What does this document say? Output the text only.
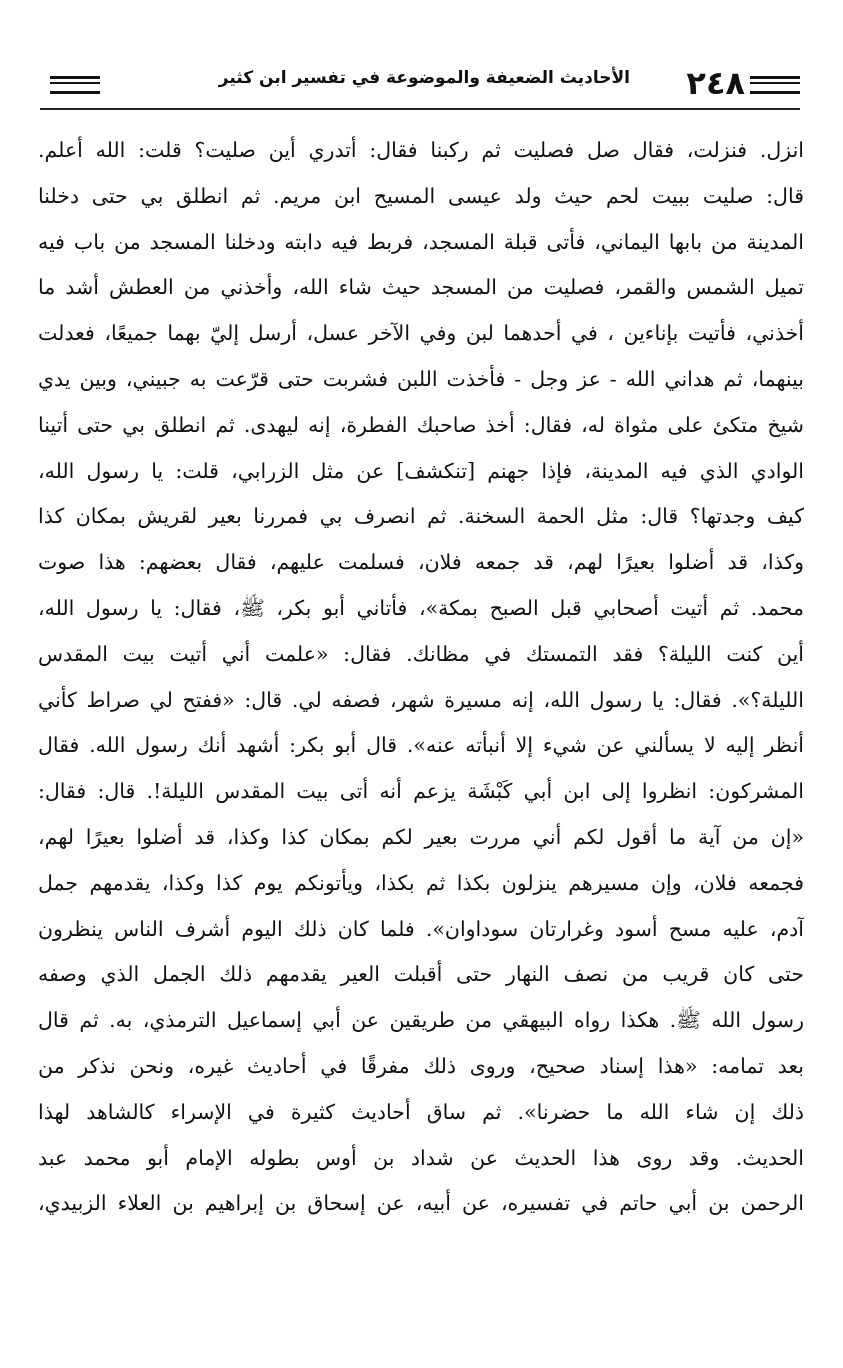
٢٤٨
الأحاديث الضعيفة والموضوعة في تفسير ابن كثير
انزل. فنزلت، فقال صل فصليت ثم ركبنا فقال: أتدري أين صليت؟ قلت: الله أعلم.
قال: صليت ببيت لحم حيث ولد عيسى المسيح ابن مريم. ثم انطلق بي حتى دخلنا
المدينة من بابها اليماني، فأتى قبلة المسجد، فربط فيه دابته ودخلنا المسجد من باب فيه
تميل الشمس والقمر، فصليت من المسجد حيث شاء الله، وأخذني من العطش أشد ما
أخذني، فأتيت بإناءين ، في أحدهما لبن وفي الآخر عسل، أرسل إليّ بهما جميعًا، فعدلت
بينهما، ثم هداني الله - عز وجل - فأخذت اللبن فشربت حتى قرّعت به جبيني، وبين يدي
شيخ متكئ على مثواة له، فقال: أخذ صاحبك الفطرة، إنه ليهدى. ثم انطلق بي حتى أتينا
الوادي الذي فيه المدينة، فإذا جهنم [تنكشف] عن مثل الزرابي، قلت: يا رسول الله،
كيف وجدتها؟ قال: مثل الحمة السخنة. ثم انصرف بي فمررنا بعير لقريش بمكان كذا
وكذا، قد أضلوا بعيرًا لهم، قد جمعه فلان، فسلمت عليهم، فقال بعضهم: هذا صوت
محمد. ثم أتيت أصحابي قبل الصبح بمكة»، فأتاني أبو بكر، ﷺ، فقال: يا رسول الله،
أين كنت الليلة؟ فقد التمستك في مظانك. فقال: «علمت أني أتيت بيت المقدس
الليلة؟». فقال: يا رسول الله، إنه مسيرة شهر، فصفه لي. قال: «ففتح لي صراط كأني
أنظر إليه لا يسألني عن شيء إلا أنبأته عنه». قال أبو بكر: أشهد أنك رسول الله. فقال
المشركون: انظروا إلى ابن أبي كَبْشَة يزعم أنه أتى بيت المقدس الليلة!. قال: فقال:
«إن من آية ما أقول لكم أني مررت بعير لكم بمكان كذا وكذا، قد أضلوا بعيرًا لهم،
فجمعه فلان، وإن مسيرهم ينزلون بكذا ثم بكذا، ويأتونكم يوم كذا وكذا، يقدمهم جمل
آدم، عليه مسح أسود وغرارتان سوداوان». فلما كان ذلك اليوم أشرف الناس ينظرون
حتى كان قريب من نصف النهار حتى أقبلت العير يقدمهم ذلك الجمل الذي وصفه
رسول الله ﷺ. هكذا رواه البيهقي من طريقين عن أبي إسماعيل الترمذي، به. ثم قال
بعد تمامه: «هذا إسناد صحيح، وروى ذلك مفرقًا في أحاديث غيره، ونحن نذكر من
ذلك إن شاء الله ما حضرنا». ثم ساق أحاديث كثيرة في الإسراء كالشاهد لهذا
الحديث. وقد روى هذا الحديث عن شداد بن أوس بطوله الإمام أبو محمد عبد
الرحمن بن أبي حاتم في تفسيره، عن أبيه، عن إسحاق بن إبراهيم بن العلاء الزبيدي،
